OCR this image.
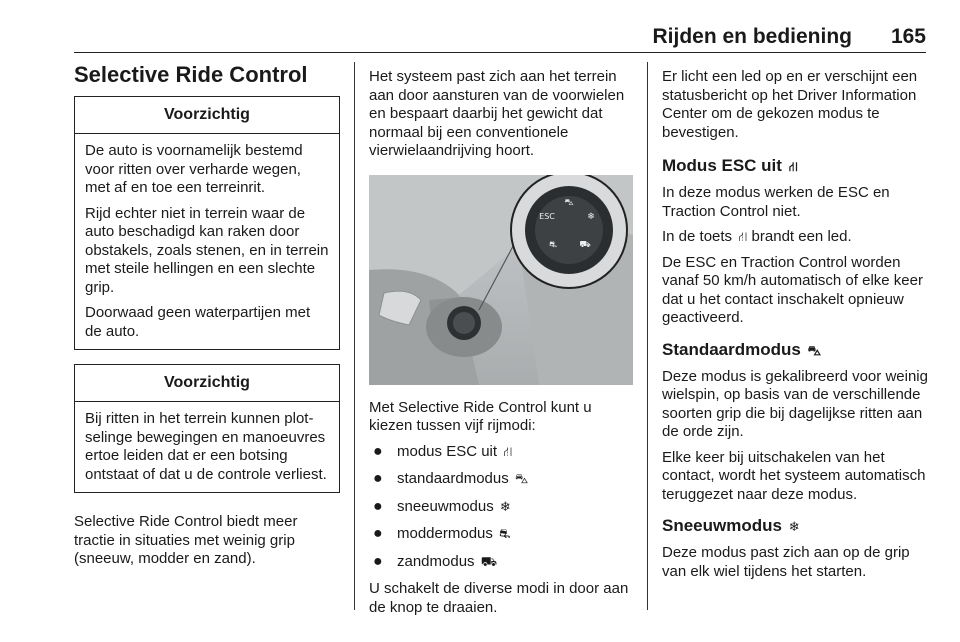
Rijden en bediening 165
Selective Ride Control
Voorzichtig

De auto is voornamelijk bestemd voor ritten over verharde wegen, met af en toe een terreinrit.

Rijd echter niet in terrein waar de auto beschadigd kan raken door obstakels, zoals stenen, en in terrein met steile hellingen en een slechte grip.

Doorwaad geen waterpartijen met de auto.

Voorzichtig

Bij ritten in het terrein kunnen plotselinge bewegingen en manoeuvres ertoe leiden dat er een botsing ontstaat of dat u de controle verliest.

Selective Ride Control biedt meer tractie in situaties met weinig grip (sneeuw, modder en zand).

Het systeem past zich aan het terrein aan door aansturen van de voorwielen en bespaart daarbij het gewicht dat normaal bij een conventionele vierwielaandrijving hoort.

⛍
ESC	❄
⛐ ⛟

Met Selective Ride Control kunt u kiezen tussen vijf rijmodi:

● modus ESC uit ⛙
● standaardmodus ⛍
● sneeuwmodus ❄
● moddermodus ⛐
● zandmodus ⛟

U schakelt de diverse modi in door aan de knop te draaien.

Er licht een led op en er verschijnt een statusbericht op het Driver Information Center om de gekozen modus te bevestigen.

Modus ESC uit ⛙

In deze modus werken de ESC en Traction Control niet.

In de toets ⛙ brandt een led.

De ESC en Traction Control worden vanaf 50 km/h automatisch of elke keer dat u het contact inschakelt opnieuw geactiveerd.

Standaardmodus ⛍

Deze modus is gekalibreerd voor weinig wielspin, op basis van de verschillende soorten grip die bij dagelijkse ritten aan de orde zijn.

Elke keer bij uitschakelen van het contact, wordt het systeem automatisch teruggezet naar deze modus.

Sneeuwmodus ❄

Deze modus past zich aan op de grip van elk wiel tijdens het starten.
